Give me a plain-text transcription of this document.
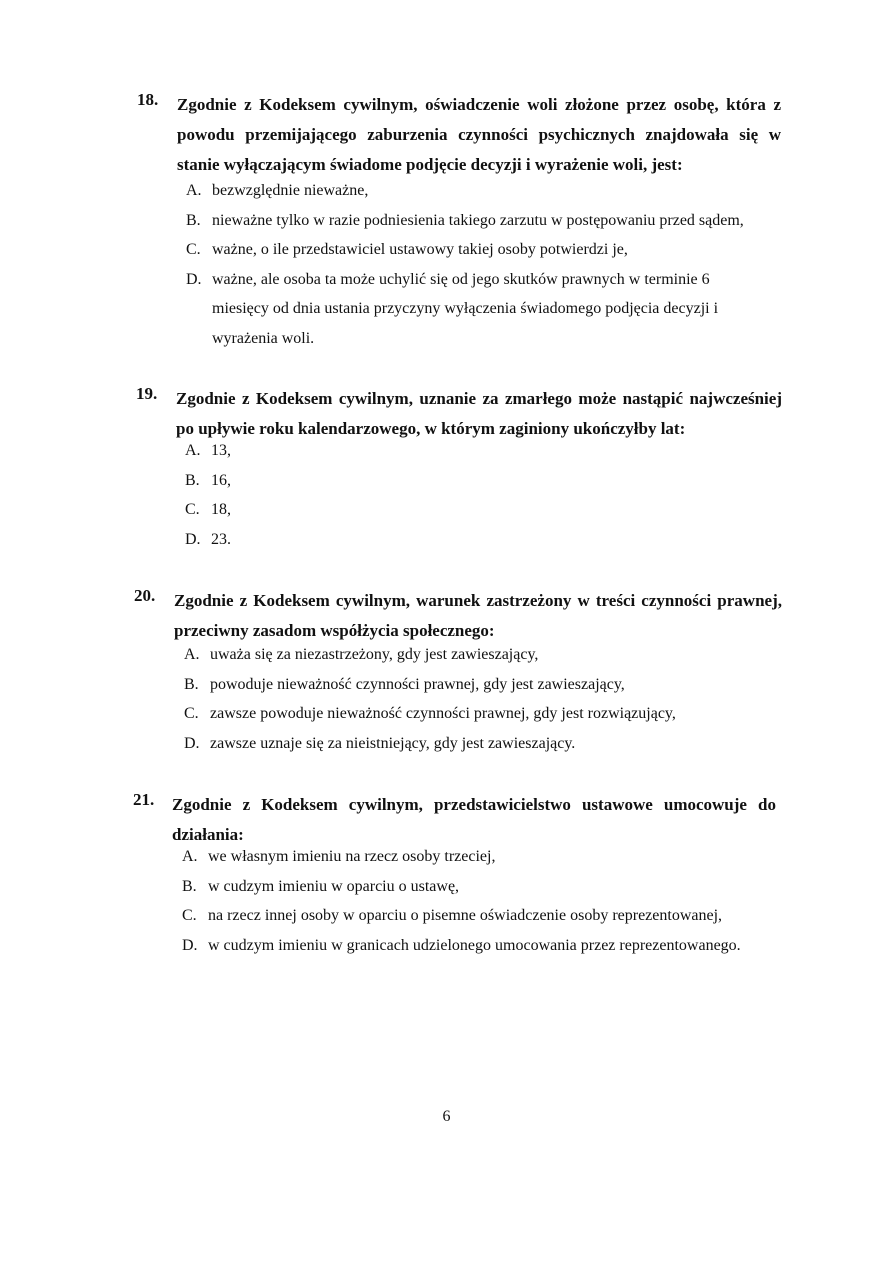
18. Zgodnie z Kodeksem cywilnym, oświadczenie woli złożone przez osobę, która z powodu przemijającego zaburzenia czynności psychicznych znajdowała się w stanie wyłączającym świadome podjęcie decyzji i wyrażenie woli, jest:
A. bezwzględnie nieważne,
B. nieważne tylko w razie podniesienia takiego zarzutu w postępowaniu przed sądem,
C. ważne, o ile przedstawiciel ustawowy takiej osoby potwierdzi je,
D. ważne, ale osoba ta może uchylić się od jego skutków prawnych w terminie 6 miesięcy od dnia ustania przyczyny wyłączenia świadomego podjęcia decyzji i wyrażenia woli.
19. Zgodnie z Kodeksem cywilnym, uznanie za zmarłego może nastąpić najwcześniej po upływie roku kalendarzowego, w którym zaginiony ukończyłby lat:
A. 13,
B. 16,
C. 18,
D. 23.
20. Zgodnie z Kodeksem cywilnym, warunek zastrzeżony w treści czynności prawnej, przeciwny zasadom współżycia społecznego:
A. uważa się za niezastrzeżony, gdy jest zawieszający,
B. powoduje nieważność czynności prawnej, gdy jest zawieszający,
C. zawsze powoduje nieważność czynności prawnej, gdy jest rozwiązujący,
D. zawsze uznaje się za nieistniejący, gdy jest zawieszający.
21. Zgodnie z Kodeksem cywilnym, przedstawicielstwo ustawowe umocowuje do działania:
A. we własnym imieniu na rzecz osoby trzeciej,
B. w cudzym imieniu w oparciu o ustawę,
C. na rzecz innej osoby w oparciu o pisemne oświadczenie osoby reprezentowanej,
D. w cudzym imieniu w granicach udzielonego umocowania przez reprezentowanego.
6
